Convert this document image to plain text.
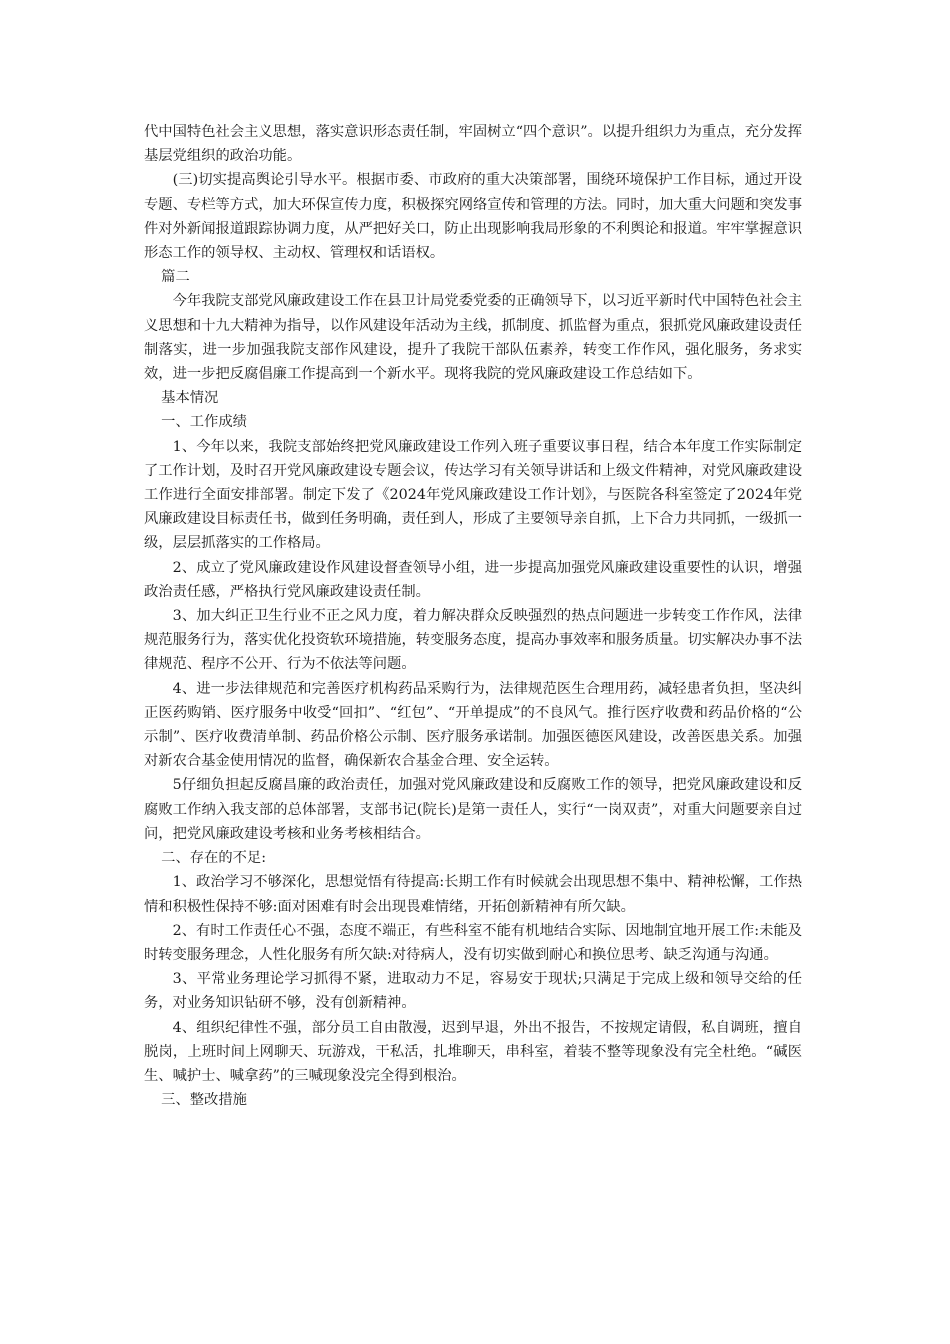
代中国特色社会主义思想，落实意识形态责任制，牢固树立“四个意识”。以提升组织力为重点，充分发挥基层党组织的政治功能。

(三)切实提高舆论引导水平。根据市委、市政府的重大决策部署，围绕环境保护工作目标，通过开设专题、专栏等方式，加大环保宣传力度，积极探究网络宣传和管理的方法。同时，加大重大问题和突发事件对外新闻报道跟踪协调力度，从严把好关口，防止出现影响我局形象的不利舆论和报道。牢牢掌握意识形态工作的领导权、主动权、管理权和话语权。

篇二

今年我院支部党风廉政建设工作在县卫计局党委党委的正确领导下，以习近平新时代中国特色社会主义思想和十九大精神为指导，以作风建设年活动为主线，抓制度、抓监督为重点，狠抓党风廉政建设责任制落实，进一步加强我院支部作风建设，提升了我院干部队伍素养，转变工作作风，强化服务，务求实效，进一步把反腐倡廉工作提高到一个新水平。现将我院的党风廉政建设工作总结如下。

基本情况

一、工作成绩

1、今年以来，我院支部始终把党风廉政建设工作列入班子重要议事日程，结合本年度工作实际制定了工作计划，及时召开党风廉政建设专题会议，传达学习有关领导讲话和上级文件精神，对党风廉政建设工作进行全面安排部署。制定下发了《2024年党风廉政建设工作计划》，与医院各科室签定了2024年党风廉政建设目标责任书，做到任务明确，责任到人，形成了主要领导亲自抓，上下合力共同抓，一级抓一级，层层抓落实的工作格局。

2、成立了党风廉政建设作风建设督查领导小组，进一步提高加强党风廉政建设重要性的认识，增强政治责任感，严格执行党风廉政建设责任制。

3、加大纠正卫生行业不正之风力度，着力解决群众反映强烈的热点问题进一步转变工作作风，法律规范服务行为，落实优化投资软环境措施，转变服务态度，提高办事效率和服务质量。切实解决办事不法律规范、程序不公开、行为不依法等问题。

4、进一步法律规范和完善医疗机构药品采购行为，法律规范医生合理用药，减轻患者负担，坚决纠正医药购销、医疗服务中收受“回扣”、“红包”、“开单提成”的不良风气。推行医疗收费和药品价格的“公示制”、医疗收费清单制、药品价格公示制、医疗服务承诺制。加强医德医风建设，改善医患关系。加强对新农合基金使用情况的监督，确保新农合基金合理、安全运转。

5仔细负担起反腐昌廉的政治责任，加强对党风廉政建设和反腐败工作的领导，把党风廉政建设和反腐败工作纳入我支部的总体部署，支部书记(院长)是第一责任人，实行“一岗双责”，对重大问题要亲自过问，把党风廉政建设考核和业务考核相结合。

二、存在的不足:

1、政治学习不够深化，思想觉悟有待提高:长期工作有时候就会出现思想不集中、精神松懈，工作热情和积极性保持不够:面对困难有时会出现畏难情绪，开拓创新精神有所欠缺。

2、有时工作责任心不强，态度不端正，有些科室不能有机地结合实际、因地制宜地开展工作:未能及时转变服务理念，人性化服务有所欠缺:对待病人，没有切实做到耐心和换位思考、缺乏沟通与沟通。

3、平常业务理论学习抓得不紧，进取动力不足，容易安于现状;只满足于完成上级和领导交给的任务，对业务知识钻研不够，没有创新精神。

4、组织纪律性不强，部分员工自由散漫，迟到早退，外出不报告，不按规定请假，私自调班，擅自脱岗，上班时间上网聊天、玩游戏，干私活，扎堆聊天，串科室，着装不整等现象没有完全杜绝。“碱医生、喊护士、喊拿药”的三喊现象没完全得到根治。

三、整改措施
